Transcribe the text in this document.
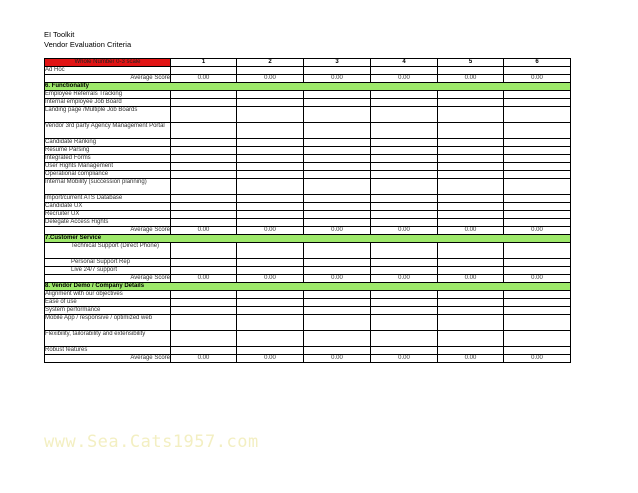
EI Toolkit
Vendor Evaluation Criteria
Whole Number 0-3 scale	1	2	3	4	5	6
Ad Hoc						
Average Score	0.00	0.00	0.00	0.00	0.00	0.00
6. Functionality						
Employee Referrals Tracking						
Internal employee Job Board						
Landing page /Multiple Job Boards						
Vendor 3rd party Agency Management Portal						
Candidate Ranking						
Resume Parsing						
Integrated Forms						
User Rights Management						
Operational compliance						
Internal Mobility (succession planning)						
Import/current ATS Database						
Candidate UX						
Recruiter UX						
Delegate Access Rights						
Average Score	0.00	0.00	0.00	0.00	0.00	0.00
7.Customer Service						
Technical Support (Direct Phone)						
Personal Support Rep						
Live 24/7 support						
Average Score	0.00	0.00	0.00	0.00	0.00	0.00
8. Vendor Demo / Company Details						
Alignment with our objectives						
Ease of use						
System performance						
Mobile App / responsive / optimized web						
Flexibility, tailorability and extensibility						
Robust features						
Average Score	0.00	0.00	0.00	0.00	0.00	0.00
www.Sea.Cats1957.com
